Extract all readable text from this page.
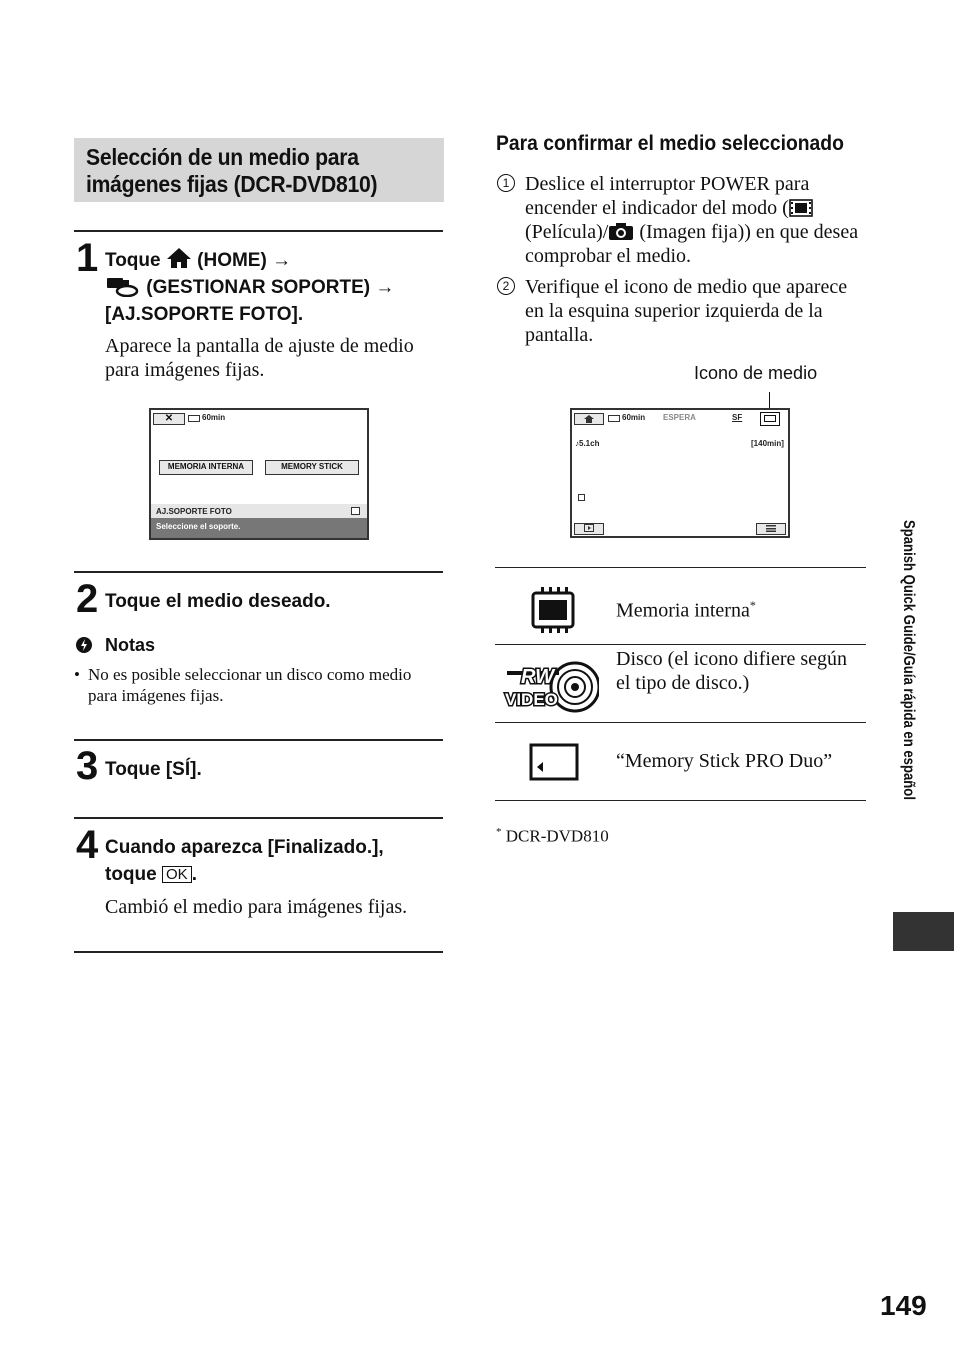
Selección de un medio para imágenes fijas (DCR-DVD810)
1 Toque (HOME) →
(GESTIONAR SOPORTE) →
[AJ.SOPORTE FOTO].
Aparece la pantalla de ajuste de medio para imágenes fijas.
✕	60min
MEMORIA INTERNA	MEMORY STICK
AJ.SOPORTE FOTO
Seleccione el soporte.
2 Toque el medio deseado.
Notas
• No es posible seleccionar un disco como medio para imágenes fijas.
3 Toque [SÍ].
4 Cuando aparezca [Finalizado.],
toque OK .
Cambió el medio para imágenes fijas.
Para confirmar el medio seleccionado
1 Deslice el interruptor POWER para encender el indicador del modo ((Película)/ (Imagen fija)) en que desea comprobar el medio.
2 Verifique el icono de medio que aparece en la esquina superior izquierda de la pantalla.
Icono de medio
60min ESPERA	SF
♪5.1ch	[140min]
Memoria interna*
RW
VIDEO
Disco (el icono difiere según el tipo de disco.)
“Memory Stick PRO Duo”
* DCR-DVD810
Spanish Quick Guide/Guía rápida en español
149
